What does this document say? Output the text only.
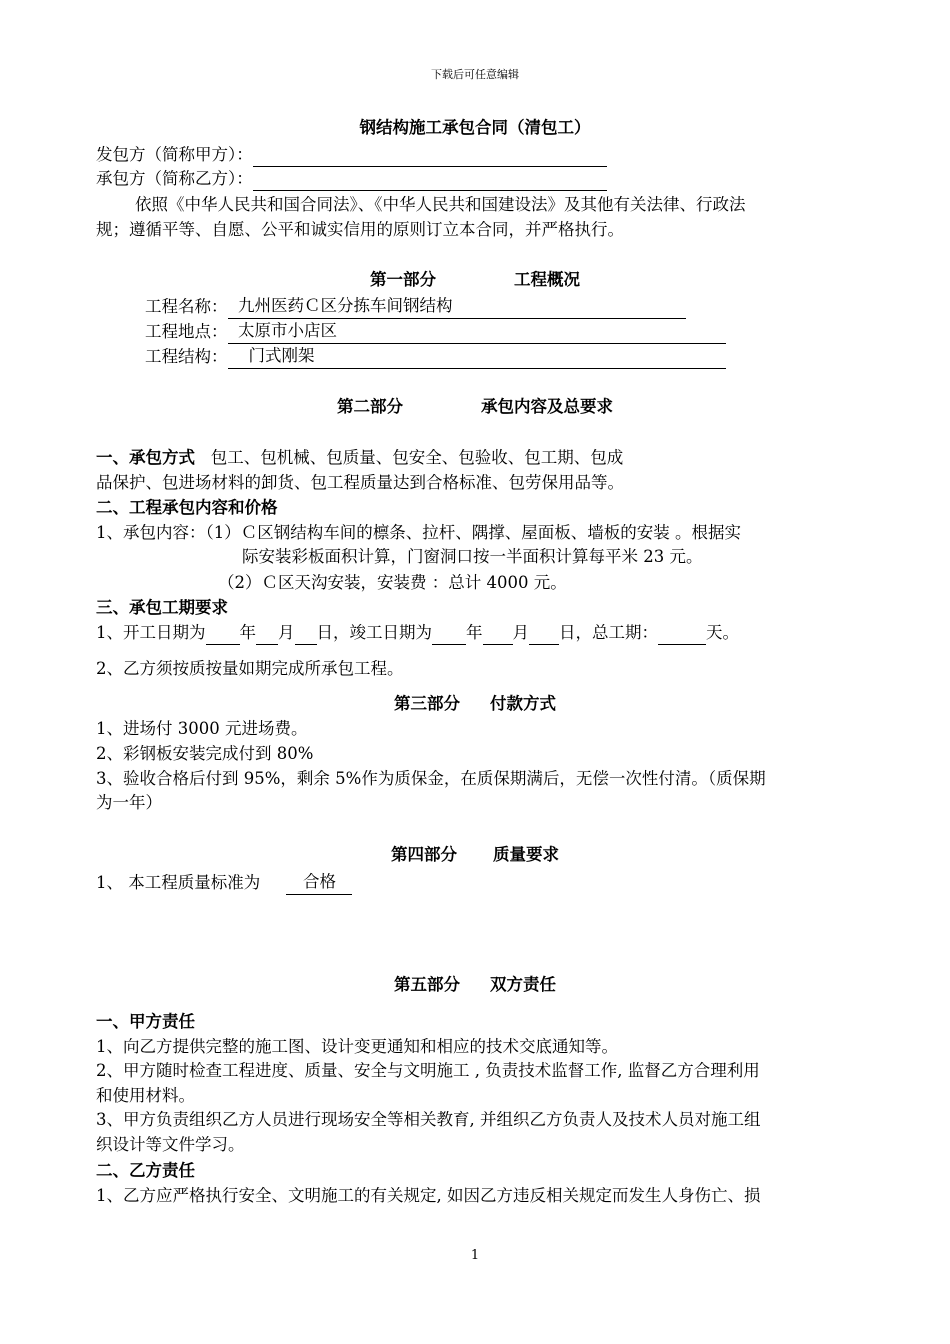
下载后可任意编辑
钢结构施工承包合同（清包工）
发包方（简称甲方）：
承包方（简称乙方）：
依照《中华人民共和国合同法》、《中华人民共和国建设法》及其他有关法律、行政法
规；遵循平等、自愿、公平和诚实信用的原则订立本合同，并严格执行。
第一部分	工程概况
工程名称： 九州医药Ｃ区分拣车间钢结构
工程地点： 太原市小店区
工程结构： 门式刚架
第二部分	承包内容及总要求
一、承包方式 包工、包机械、包质量、包安全、包验收、包工期、包成
品保护、包进场材料的卸货、包工程质量达到合格标准、包劳保用品等。
二、工程承包内容和价格
1、承包内容：（1）Ｃ区钢结构车间的檩条、拉杆、隅撑、屋面板、墙板的安装 。根据实
际安装彩板面积计算，门窗洞口按一半面积计算每平米 23 元。
（2）Ｃ区天沟安装，安装费 ：总计 4000 元。
三、承包工期要求
1、开工日期为 年 月 日，竣工日期为 年 月 日，总工期：	天。
2、乙方须按质按量如期完成所承包工程。
第三部分 付款方式
1、进场付 3000 元进场费。
2、彩钢板安装完成付到 80%
3、验收合格后付到 95%，剩余 5%作为质保金，在质保期满后，无偿一次性付清。（质保期
为一年）
第四部分 质量要求
1、 本工程质量标准为	合格
第五部分 双方责任
一、甲方责任
1、向乙方提供完整的施工图、设计变更通知和相应的技术交底通知等。
2、甲方随时检查工程进度、质量、安全与文明施工 , 负责技术监督工作, 监督乙方合理利用
和使用材料。
3、甲方负责组织乙方人员进行现场安全等相关教育, 并组织乙方负责人及技术人员对施工组
织设计等文件学习。
二、乙方责任
1、乙方应严格执行安全、文明施工的有关规定, 如因乙方违反相关规定而发生人身伤亡、损
1
